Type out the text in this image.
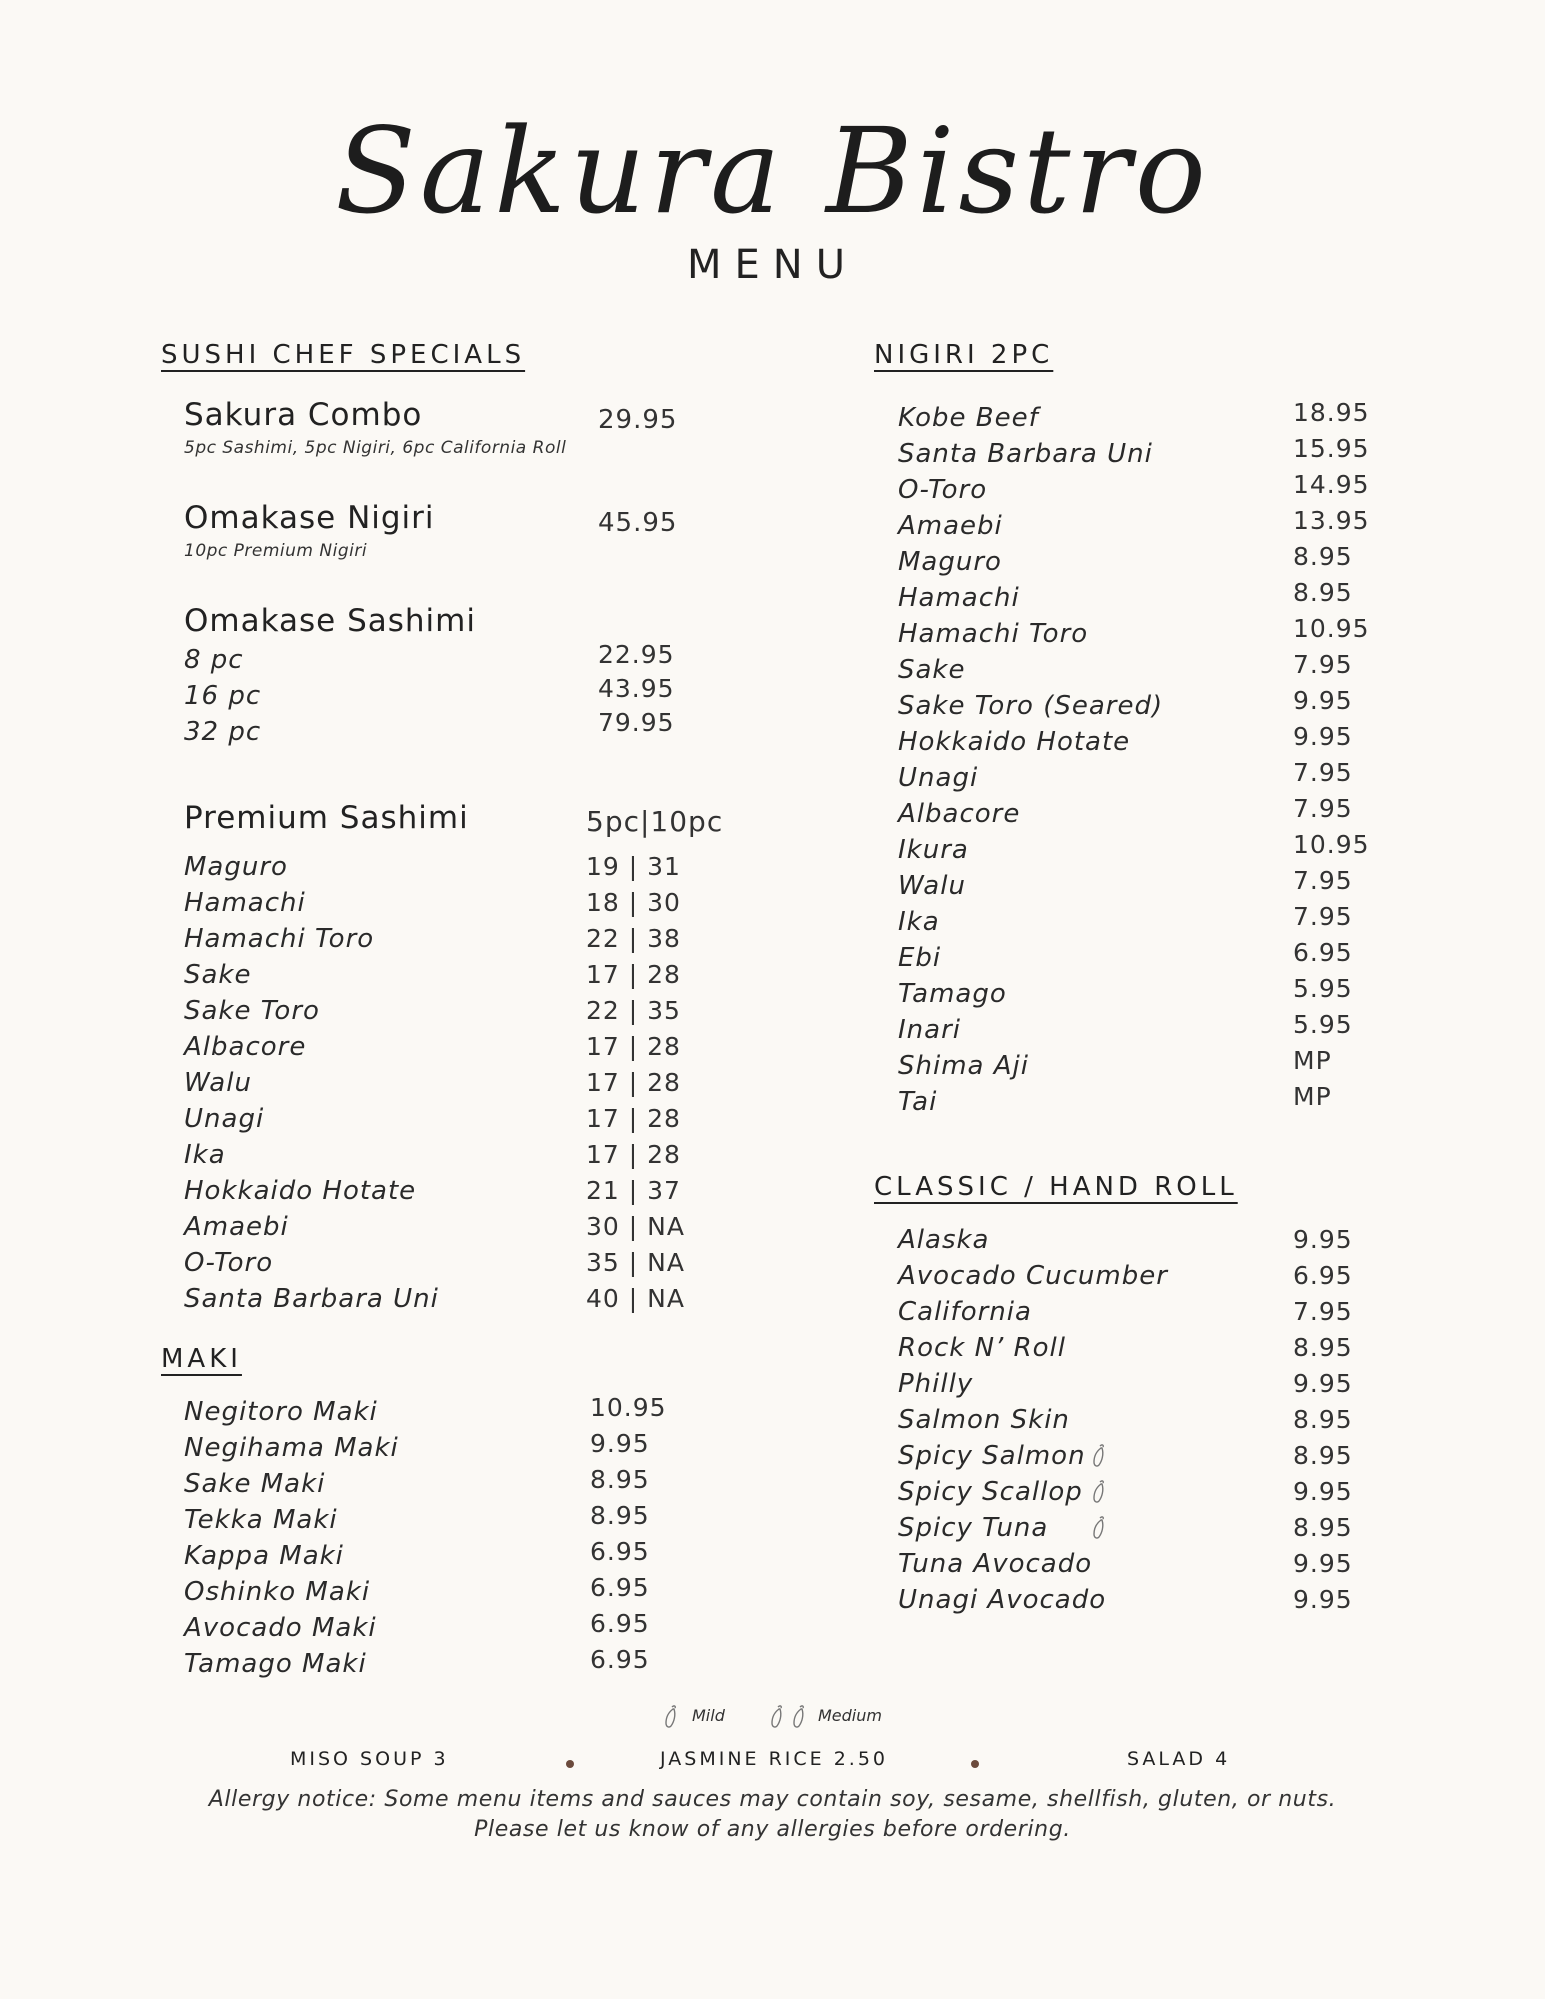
Sakura Bistro
MENU
SUSHI CHEF SPECIALS
Sakura Combo	29.95
5pc Sashimi, 5pc Nigiri, 6pc California Roll
Omakase Nigiri	45.95
10pc Premium Nigiri
Omakase Sashimi
8 pc	22.95
16 pc	43.95
32 pc	79.95
Premium Sashimi	5pc|10pc
Maguro	19 | 31
Hamachi	18 | 30
Hamachi Toro	22 | 38
Sake	17 | 28
Sake Toro	22 | 35
Albacore	17 | 28
Walu	17 | 28
Unagi	17 | 28
Ika	17 | 28
Hokkaido Hotate	21 | 37
Amaebi	30 | NA
O-Toro	35 | NA
Santa Barbara Uni	40 | NA
MAKI
Negitoro Maki	10.95
Negihama Maki	9.95
Sake Maki	8.95
Tekka Maki	8.95
Kappa Maki	6.95
Oshinko Maki	6.95
Avocado Maki	6.95
Tamago Maki	6.95
NIGIRI 2PC
Kobe Beef	18.95
Santa Barbara Uni	15.95
O-Toro	14.95
Amaebi	13.95
Maguro	8.95
Hamachi	8.95
Hamachi Toro	10.95
Sake	7.95
Sake Toro (Seared)	9.95
Hokkaido Hotate	9.95
Unagi	7.95
Albacore	7.95
Ikura	10.95
Walu	7.95
Ika	7.95
Ebi	6.95
Tamago	5.95
Inari	5.95
Shima Aji	MP
Tai	MP
CLASSIC / HAND ROLL
Alaska	9.95
Avocado Cucumber	6.95
California	7.95
Rock N’ Roll	8.95
Philly	9.95
Salmon Skin	8.95
Spicy Salmon	8.95
Spicy Scallop	9.95
Spicy Tuna	8.95
Tuna Avocado	9.95
Unagi Avocado	9.95
Mild	Medium
MISO SOUP 3	JASMINE RICE 2.50	SALAD 4
Allergy notice: Some menu items and sauces may contain soy, sesame, shellfish, gluten, or nuts. Please let us know of any allergies before ordering.
